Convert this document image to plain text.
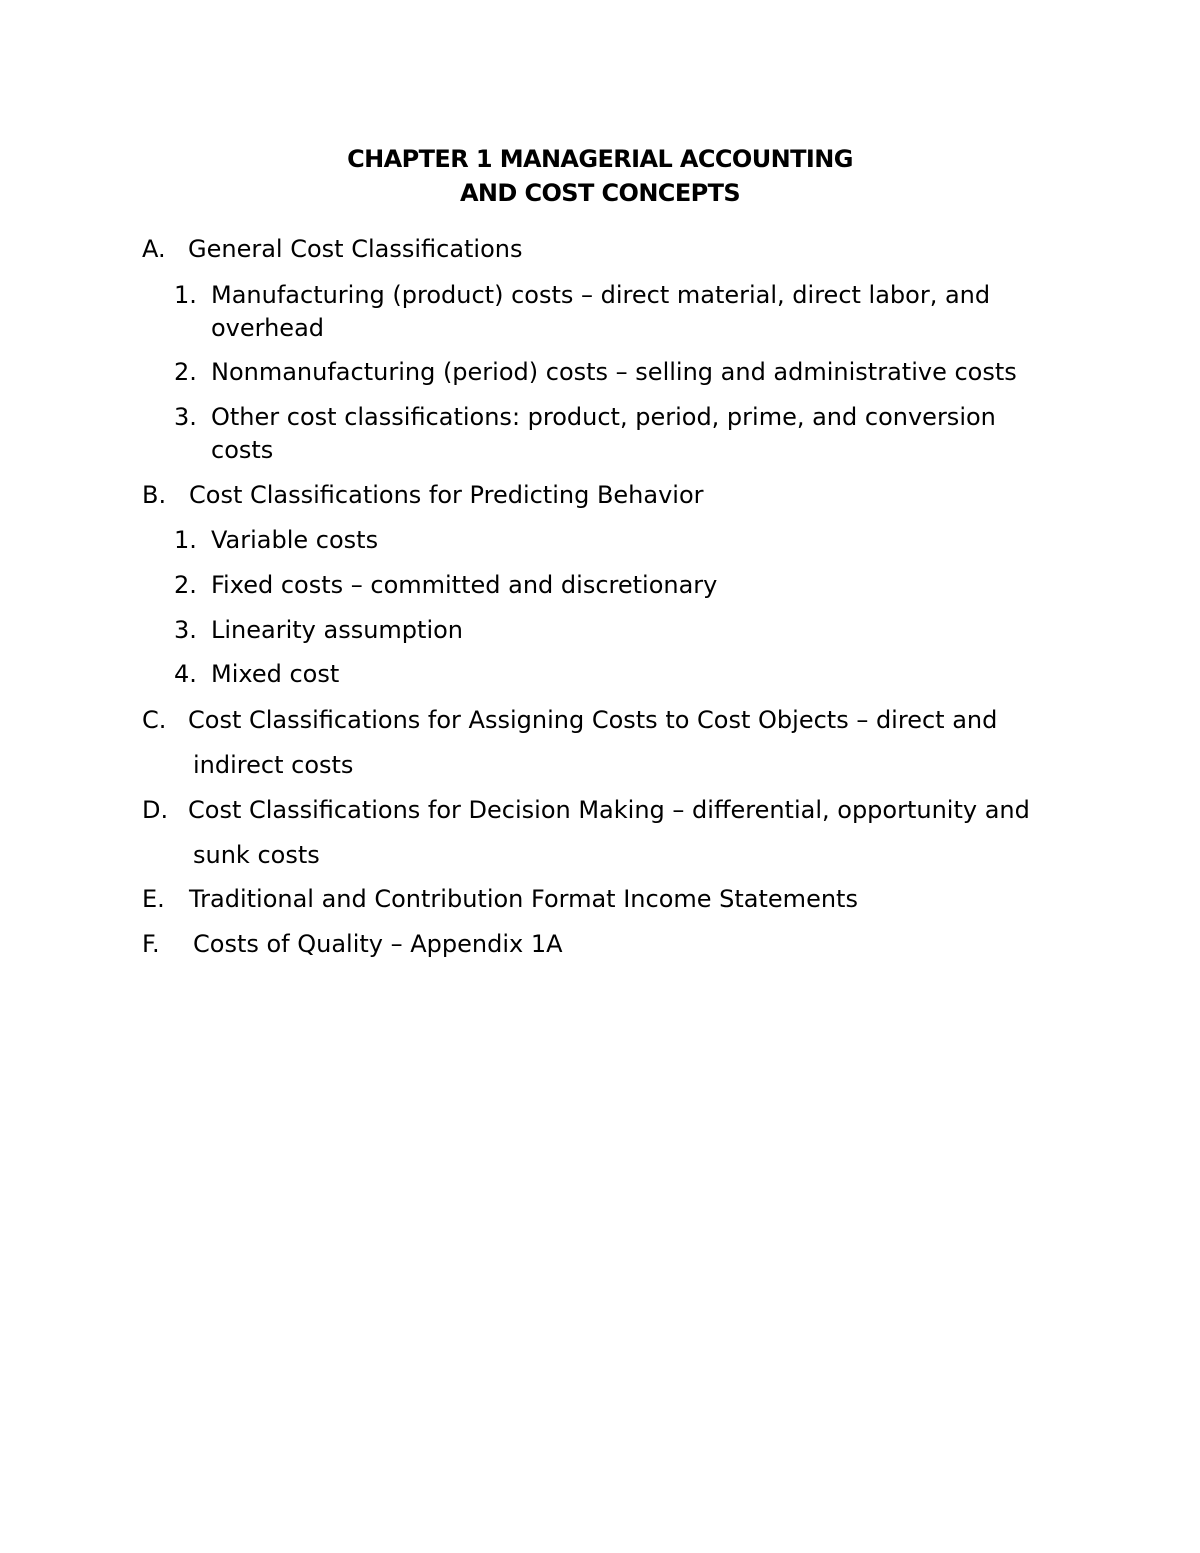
CHAPTER 1 MANAGERIAL ACCOUNTING
AND COST CONCEPTS
A. General Cost Classifications
1. Manufacturing (product) costs – direct material, direct labor, and
overhead
2. Nonmanufacturing (period) costs – selling and administrative costs
3. Other cost classifications: product, period, prime, and conversion
costs
B. Cost Classifications for Predicting Behavior
1. Variable costs
2. Fixed costs – committed and discretionary
3. Linearity assumption
4. Mixed cost
C. Cost Classifications for Assigning Costs to Cost Objects – direct and
indirect costs
D. Cost Classifications for Decision Making – differential, opportunity and
sunk costs
E. Traditional and Contribution Format Income Statements
F. Costs of Quality – Appendix 1A
